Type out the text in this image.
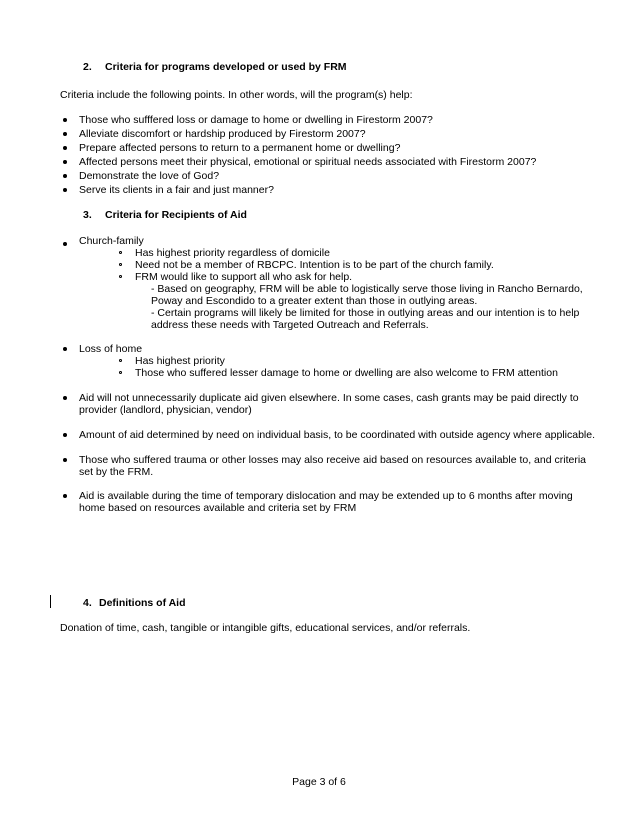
2. Criteria for programs developed or used by FRM
Criteria include the following points. In other words, will the program(s) help:
Those who sufffered loss or damage to home or dwelling in Firestorm 2007?
Alleviate discomfort or hardship produced by Firestorm 2007?
Prepare affected persons to return to a permanent home or dwelling?
Affected persons meet their physical, emotional or spiritual needs associated with Firestorm 2007?
Demonstrate the love of God?
Serve its clients in a fair and just manner?
3. Criteria for Recipients of Aid
Church-family
Has highest priority regardless of domicile
Need not be a member of RBCPC. Intention is to be part of the church family.
FRM would like to support all who ask for help.
- Based on geography, FRM will be able to logistically serve those living in Rancho Bernardo, Poway and Escondido to a greater extent than those in outlying areas.
- Certain programs will likely be limited for those in outlying areas and our intention is to help address these needs with Targeted Outreach and Referrals.
Loss of home
Has highest priority
Those who suffered lesser damage to home or dwelling are also welcome to FRM attention
Aid will not unnecessarily duplicate aid given elsewhere. In some cases, cash grants may be paid directly to provider (landlord, physician, vendor)
Amount of aid determined by need on individual basis, to be coordinated with outside agency where applicable.
Those who suffered trauma or other losses may also receive aid based on resources available to, and criteria set by the FRM.
Aid is available during the time of temporary dislocation and may be extended up to 6 months after moving home based on resources available and criteria set by FRM
4. Definitions of Aid
Donation of time, cash, tangible or intangible gifts, educational services, and/or referrals.
Page 3 of 6
